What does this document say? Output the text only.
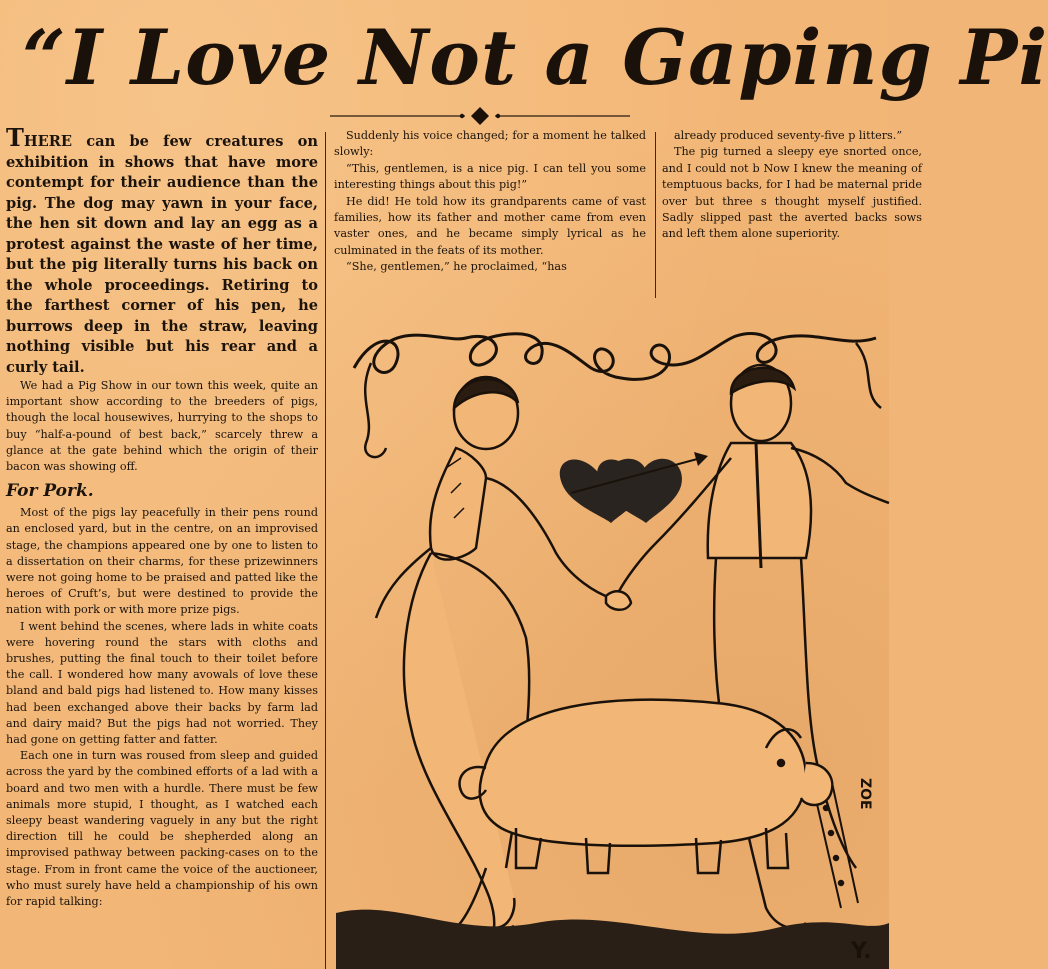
“I Love Not a Gaping Pi

THERE can be few creatures on exhibition in shows that have more contempt for their audience than the pig. The dog may yawn in your face, the hen sit down and lay an egg as a protest against the waste of her time, but the pig literally turns his back on the whole proceedings. Retiring to the farthest corner of his pen, he burrows deep in the straw, leaving nothing visible but his rear and a curly tail.

We had a Pig Show in our town this week, quite an important show according to the breeders of pigs, though the local housewives, hurrying to the shops to buy “half-a-pound of best back,” scarcely threw a glance at the gate behind which the origin of their bacon was showing off.

For Pork.

Most of the pigs lay peacefully in their pens round an enclosed yard, but in the centre, on an improvised stage, the champions appeared one by one to listen to a dissertation on their charms, for these prizewinners were not going home to be praised and patted like the heroes of Cruft’s, but were destined to provide the nation with pork or with more prize pigs.

I went behind the scenes, where lads in white coats were hovering round the stars with cloths and brushes, putting the final touch to their toilet before the call. I wondered how many avowals of love these bland and bald pigs had listened to. How many kisses had been exchanged above their backs by farm lad and dairy maid? But the pigs had not worried. They had gone on getting fatter and fatter.

Each one in turn was roused from sleep and guided across the yard by the combined efforts of a lad with a board and two men with a hurdle. There must be few animals more stupid, I thought, as I watched each sleepy beast wandering vaguely in any but the right direction till he could be shepherded along an improvised pathway between packing-cases on to the stage. From in front came the voice of the auctioneer, who must surely have held a championship of his own for rapid talking:

Suddenly his voice changed; for a moment he talked slowly:

“This, gentlemen, is a nice pig. I can tell you some interesting things about this pig!”

He did! He told how its grandparents came of vast families, how its father and mother came from even vaster ones, and he became simply lyrical as he culminated in the feats of its mother.

“She, gentlemen,” he proclaimed, “has

already produced seventy-five p litters.”

The pig turned a sleepy eye snorted once, and I could not b Now I knew the meaning of temptuous backs, for I had be maternal pride over but three s thought myself justified. Sadly slipped past the averted backs sows and left them alone superiority.

ZOE
Y.
